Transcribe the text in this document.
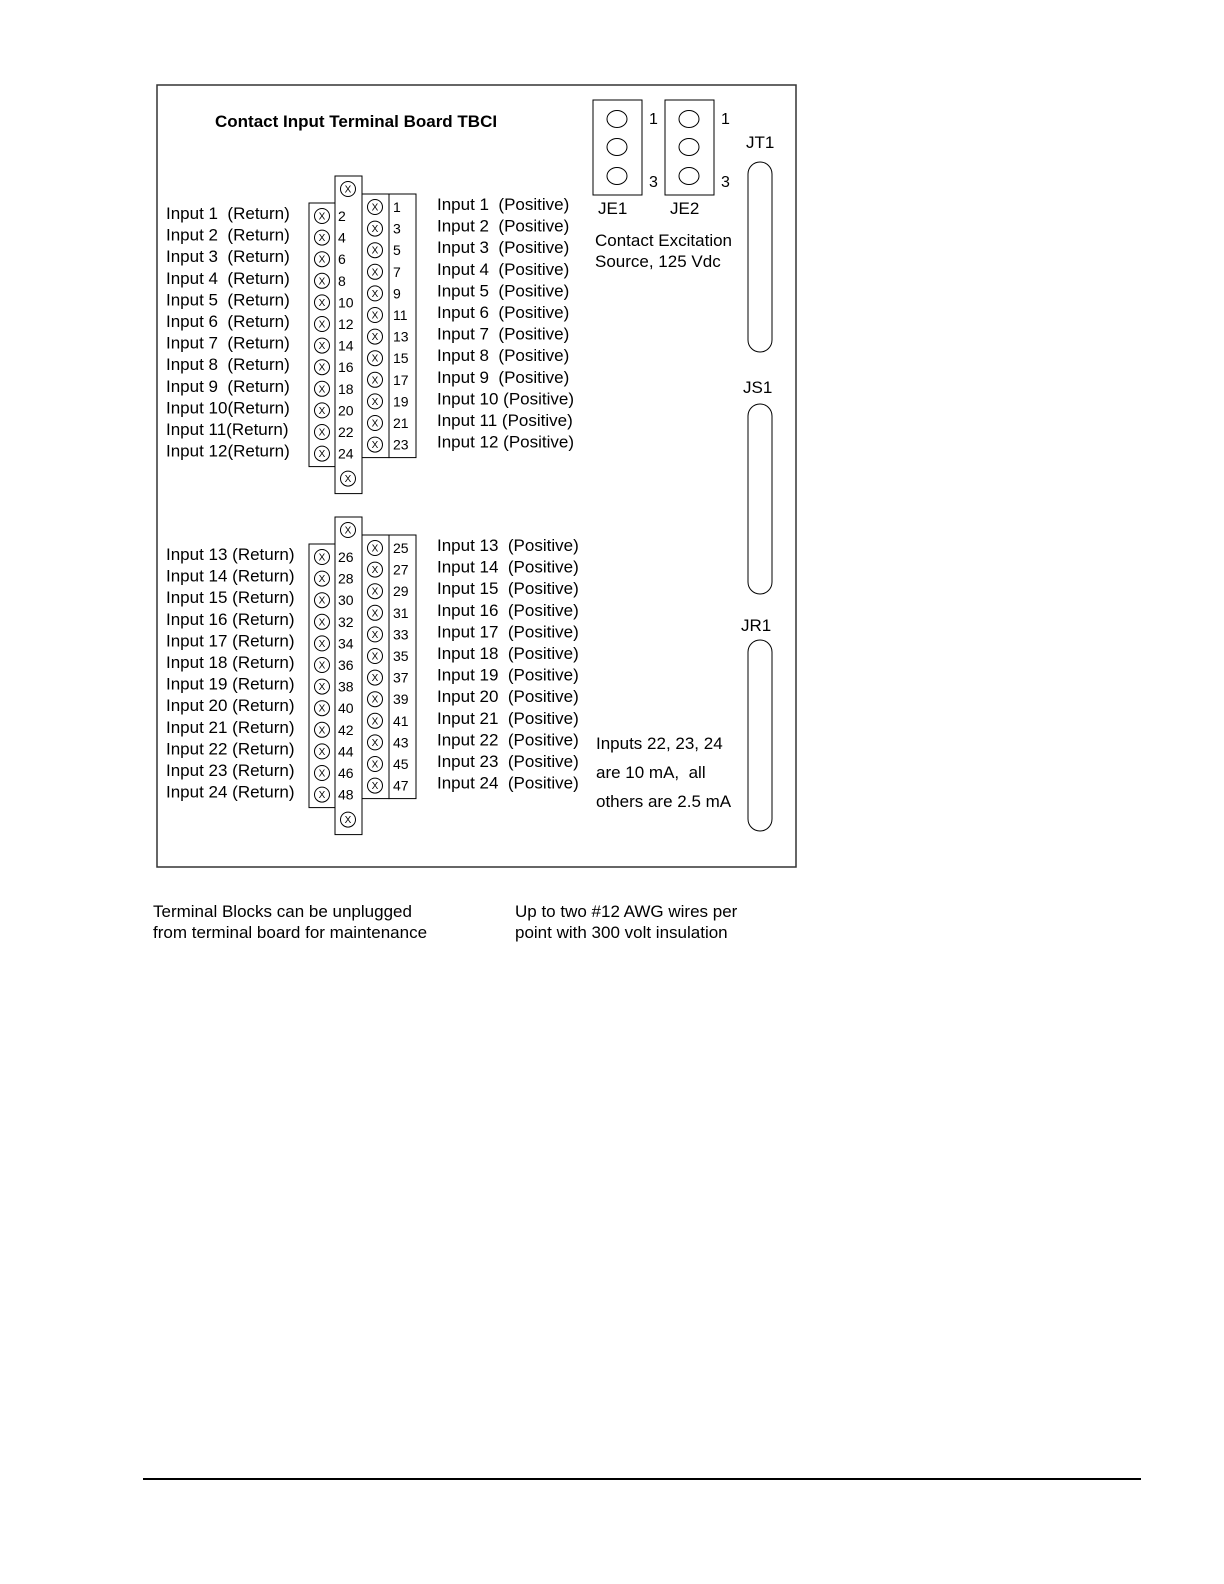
Contact Input Terminal Board TBCI	1
3
JE1
1
3
JE2
JT1
JS1
JR1
X
X
Input 1  (Return)	X 2
Input 2  (Return)	X 4
Input 3  (Return)	X 6
Input 4  (Return)	X 8
Input 5  (Return)	X 10
Input 6  (Return)	X 12
Input 7  (Return)	X 14
Input 8  (Return)	X 16
Input 9  (Return)	X 18
Input 10(Return)	X 20
Input 11(Return)	X 22
Input 12(Return)	X 24
X 1 Input 1  (Positive)
X 3 Input 2  (Positive)
X 5 Input 3  (Positive)
X 7 Input 4  (Positive)
X 9 Input 5  (Positive)
X 11 Input 6  (Positive)
X 13 Input 7  (Positive)
X 15 Input 8  (Positive)
X 17 Input 9  (Positive)
X 19 Input 10 (Positive)
X 21 Input 11 (Positive)
X 23 Input 12 (Positive)
X
X
Input 13 (Return) X 26
Input 14 (Return) X 28
Input 15 (Return) X 30
Input 16 (Return) X 32
Input 17 (Return) X 34
Input 18 (Return) X 36
Input 19 (Return) X 38
Input 20 (Return) X 40
Input 21 (Return) X 42
Input 22 (Return) X 44
Input 23 (Return) X 46
Input 24 (Return) X 48
X 25 Input 13  (Positive)
X 27 Input 14  (Positive)
X 29 Input 15  (Positive)
X 31 Input 16  (Positive)
X 33 Input 17  (Positive)
X 35 Input 18  (Positive)
X 37 Input 19  (Positive)
X 39 Input 20  (Positive)
X 41 Input 21  (Positive)
X 43 Input 22  (Positive)
X 45 Input 23  (Positive)
X 47 Input 24  (Positive)
Contact Excitation
Source, 125 Vdc
Inputs 22, 23, 24
are 10 mA,  all
others are 2.5 mA
Terminal Blocks can be unplugged
from terminal board for maintenance
Up to two #12 AWG wires per
point with 300 volt insulation
